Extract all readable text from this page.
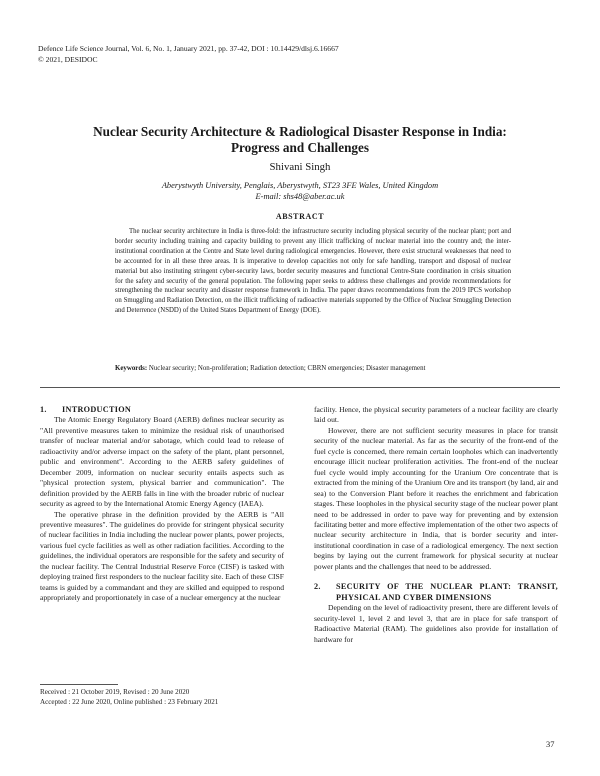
Defence Life Science Journal, Vol. 6, No. 1, January 2021, pp. 37-42, DOI : 10.14429/dlsj.6.16667
© 2021, DESIDOC
Nuclear Security Architecture & Radiological Disaster Response in India:
Progress and Challenges
Shivani Singh
Aberystwyth University, Penglais, Aberystwyth, ST23 3FE Wales, United Kingdom
E-mail: shs48@aber.ac.uk
ABSTRACT

The nuclear security architecture in India is three-fold: the infrastructure security including physical security of the nuclear plant; port and border security including training and capacity building to prevent any illicit trafficking of nuclear material into the country and; the inter-institutional coordination at the Centre and State level during radiological emergencies. However, there exist structural weaknesses that need to be accounted for in all these three areas. It is imperative to develop capacities not only for safe handling, transport and disposal of nuclear material but also instituting stringent cyber-security laws, border security measures and functional Centre-State coordination in crisis situation for the safety and security of the general population. The following paper seeks to address these challenges and provide recommendations for strengthening the nuclear security and disaster response framework in India. The paper draws recommendations from the 2019 IPCS workshop on Smuggling and Radiation Detection, on the illicit trafficking of radioactive materials supported by the Office of Nuclear Smuggling Detection and Deterrence (NSDD) of the United States Department of Energy (DOE).

Keywords: Nuclear security; Non-proliferation; Radiation detection; CBRN emergencies; Disaster management
1.	INTRODUCTION

The Atomic Energy Regulatory Board (AERB) defines nuclear security as "All preventive measures taken to minimize the residual risk of unauthorised transfer of nuclear material and/or sabotage, which could lead to release of radioactivity and/or adverse impact on the safety of the plant, plant personnel, public and environment". According to the AERB safety guidelines of December 2009, information on nuclear security entails aspects such as "physical protection system, physical barrier and communication". The definition provided by the AERB falls in line with the broader rubric of nuclear security as agreed to by the International Atomic Energy Agency (IAEA).

The operative phrase in the definition provided by the AERB is "All preventive measures". The guidelines do provide for stringent physical security of nuclear facilities in India including the nuclear power plants, power projects, various fuel cycle facilities as well as other radiation facilities. According to the guidelines, the individual operators are responsible for the safety and security of the nuclear facility. The Central Industrial Reserve Force (CISF) is tasked with deploying trained first responders to the nuclear facility site. Each of these CISF teams is guided by a commandant and they are skilled and equipped to respond appropriately and proportionately in case of a nuclear emergency at the nuclear

facility. Hence, the physical security parameters of a nuclear facility are clearly laid out.

However, there are not sufficient security measures in place for transit security of the nuclear material. As far as the security of the front-end of the fuel cycle is concerned, there remain certain loopholes which can inadvertently encourage illicit nuclear proliferation activities. The front-end of the nuclear fuel cycle would imply accounting for the Uranium Ore concentrate that is extracted from the mining of the Uranium Ore and its transport (by land, air and sea) to the Conversion Plant before it reaches the enrichment and fabrication stages. These loopholes in the physical security stage of the nuclear power plant need to be addressed in order to pave way for preventing and by extension facilitating better and more effective implementation of the other two aspects of nuclear security architecture in India, that is border security and inter-institutional coordination in case of a radiological emergency. The next section begins by laying out the current framework for physical security at nuclear power plants and the challenges that need to be addressed.

2.	SECURITY OF THE NUCLEAR PLANT: TRANSIT, PHYSICAL AND CYBER DIMENSIONS

Depending on the level of radioactivity present, there are different levels of security-level 1, level 2 and level 3, that are in place for safe transport of Radioactive Material (RAM). The guidelines also provide for installation of hardware for

Received : 21 October 2019, Revised : 20 June 2020
Accepted : 22 June 2020, Online published : 23 February 2021
37
